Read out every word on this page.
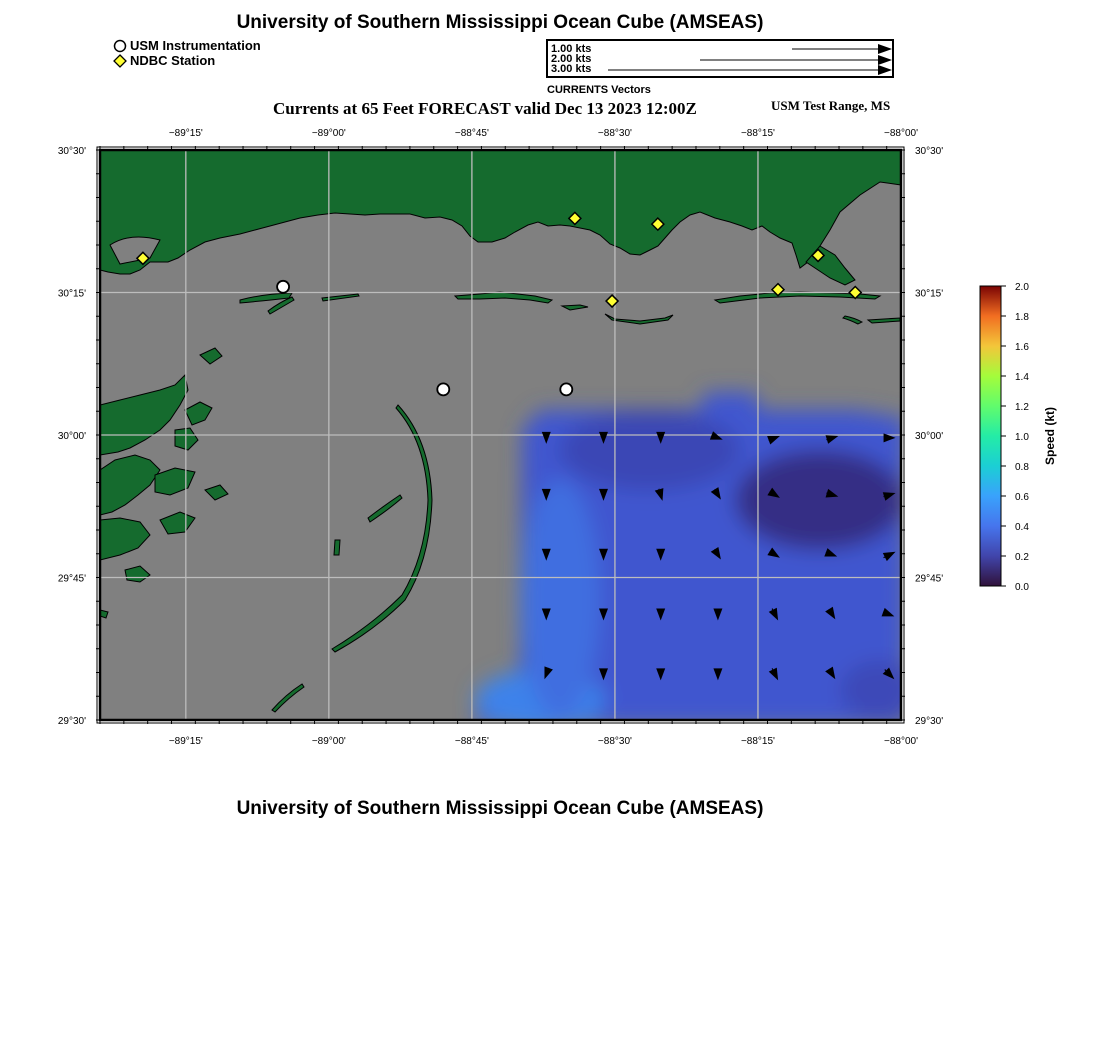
University of Southern Mississippi Ocean Cube (AMSEAS)
USM Instrumentation
NDBC Station
1.00 kts
2.00 kts
3.00 kts
CURRENTS Vectors
Currents at 65 Feet FORECAST valid Dec 13 2023 12:00Z	USM Test Range, MS
−89°15'
−89°15'
−89°00'
−89°00'
−88°45'
−88°45'
−88°30'
−88°30'
−88°15'
−88°15'
−88°00'
−88°00'
30°30'	30°30'
30°15'	30°15'
30°00'	30°00'
29°45'	29°45'
29°30'	29°30'
2.0
1.8
1.6
1.4
1.2
1.0
0.8
0.6
0.4
0.2
0.0
Speed (kt)
University of Southern Mississippi Ocean Cube (AMSEAS)
